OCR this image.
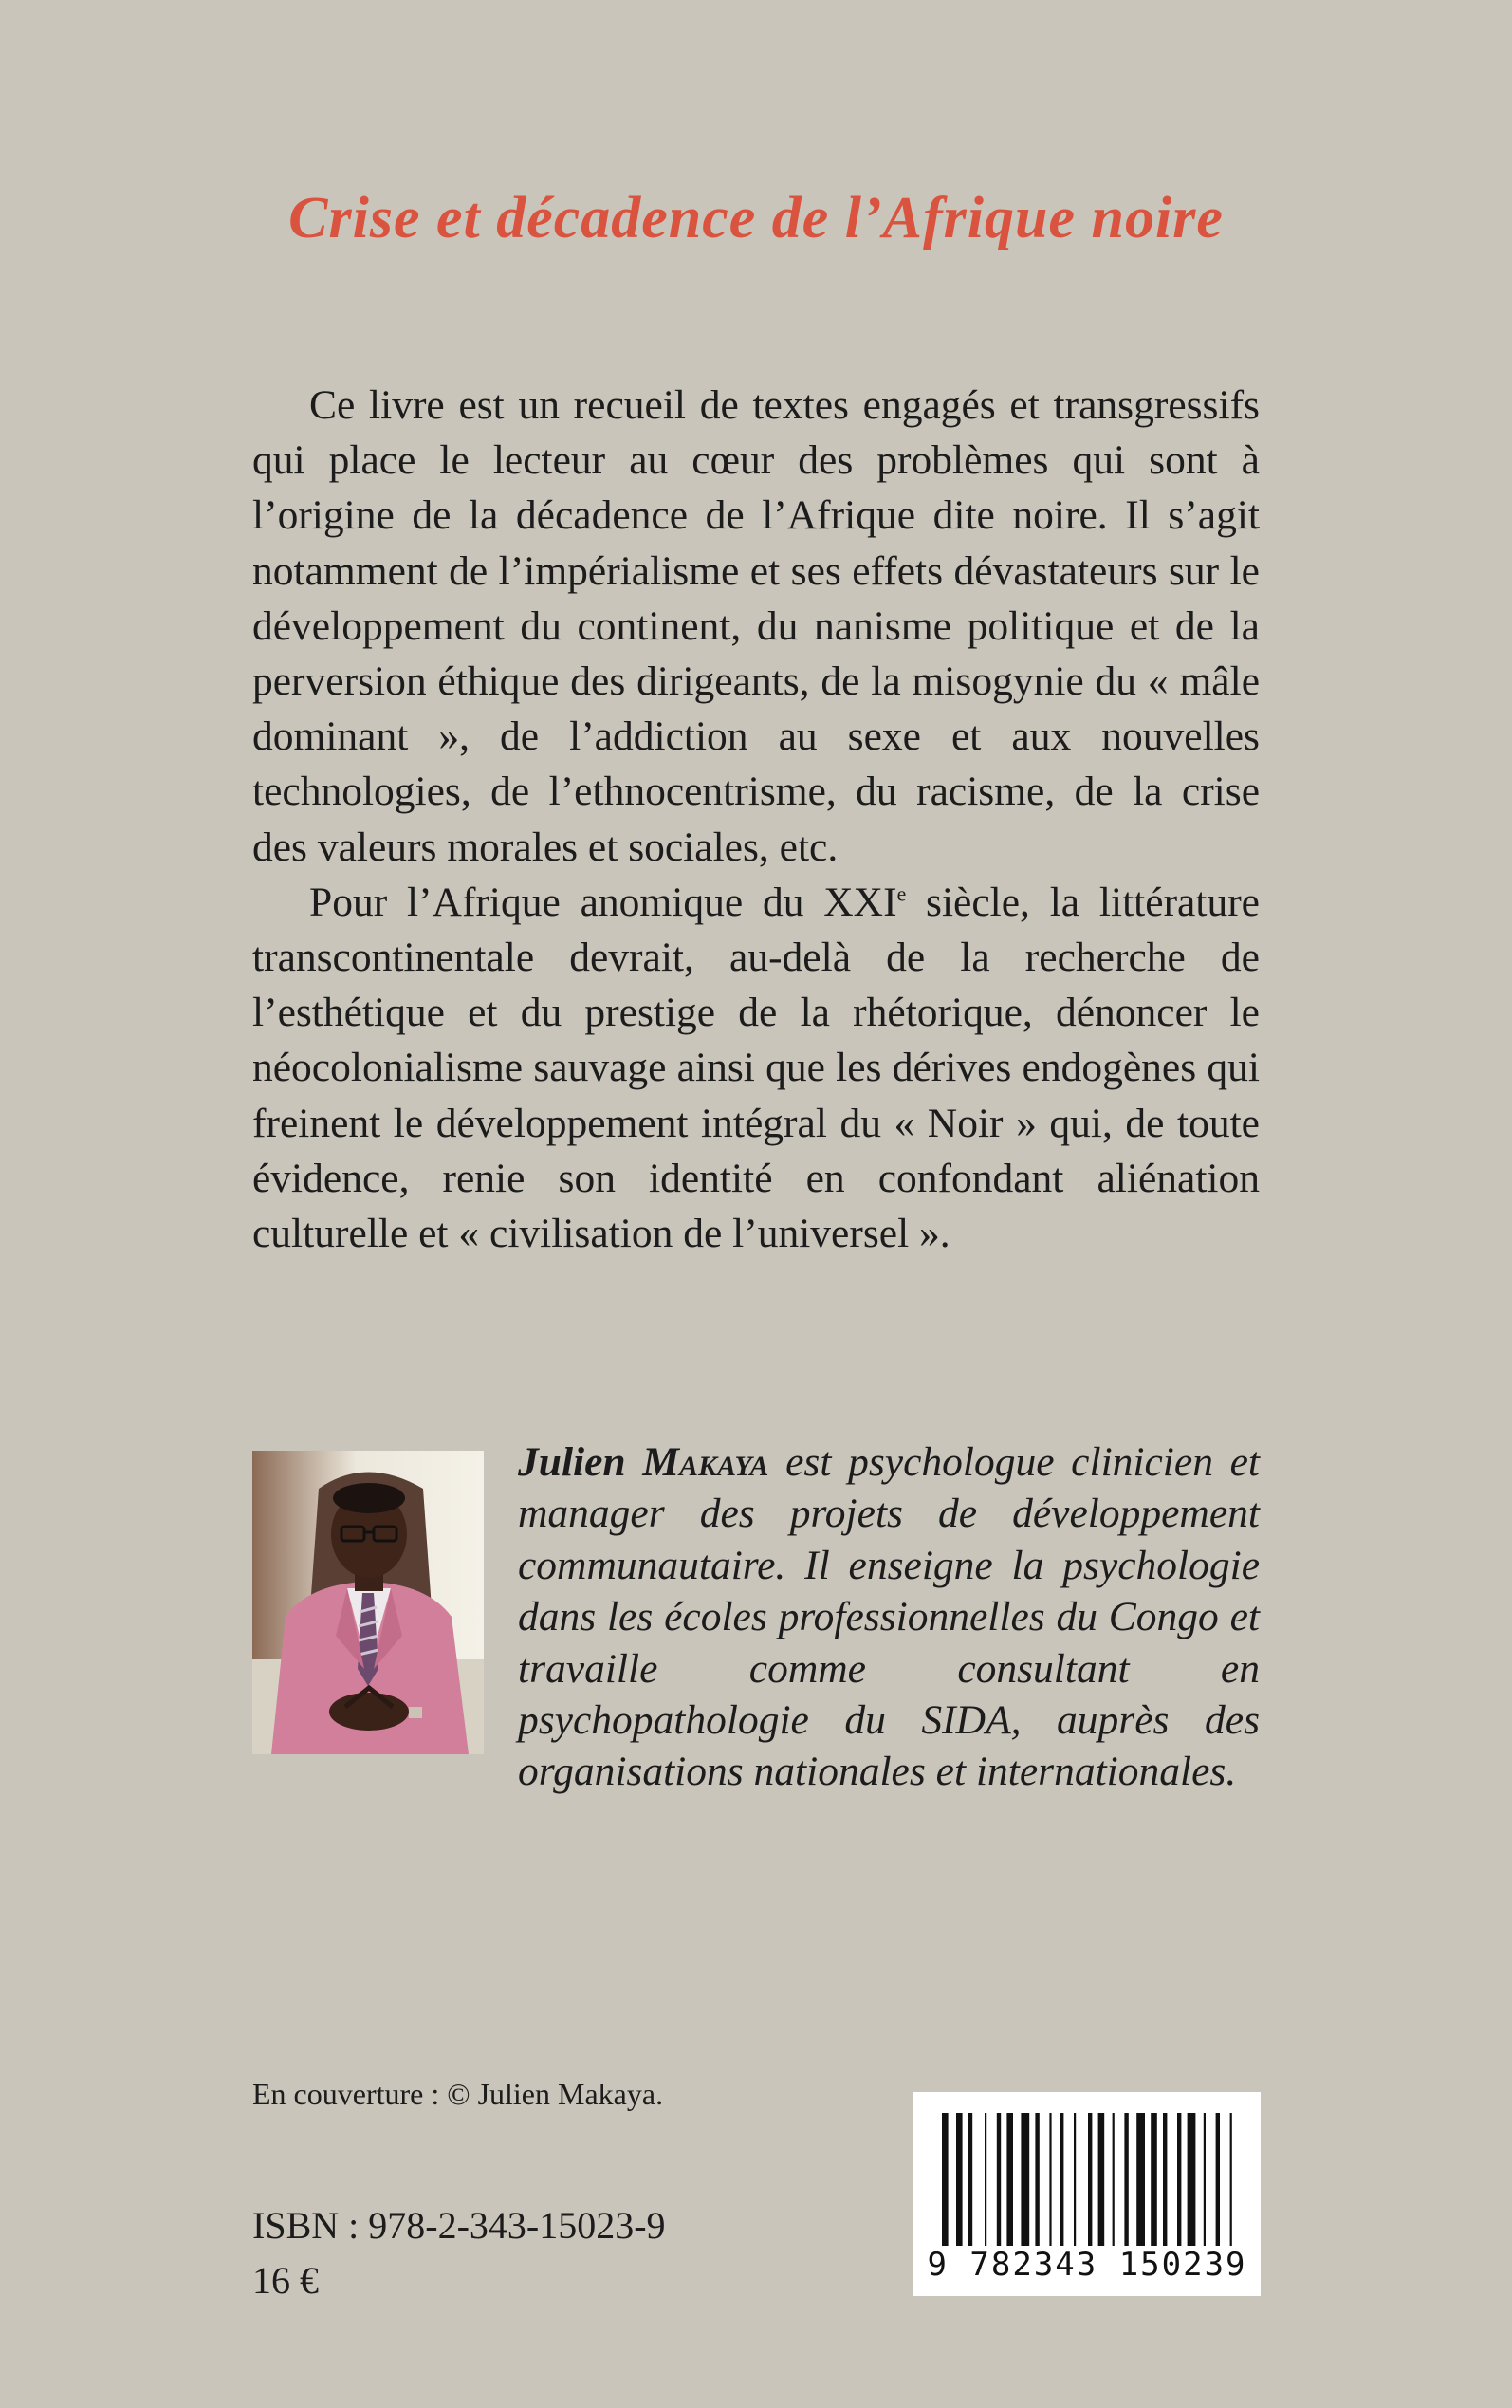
Crise et décadence de l’Afrique noire

Ce livre est un recueil de textes engagés et transgressifs qui place le lecteur au cœur des problèmes qui sont à l’origine de la décadence de l’Afrique dite noire. Il s’agit notamment de l’impérialisme et ses effets dévastateurs sur le développement du continent, du nanisme politique et de la perversion éthique des dirigeants, de la misogynie du « mâle dominant », de l’addiction au sexe et aux nouvelles technologies, de l’ethnocentrisme, du racisme, de la crise des valeurs morales et sociales, etc.

Pour l’Afrique anomique du XXIe siècle, la littérature transcontinentale devrait, au-delà de la recherche de l’esthétique et du prestige de la rhétorique, dénoncer le néocolonialisme sauvage ainsi que les dérives endogènes qui freinent le développement intégral du « Noir » qui, de toute évidence, renie son identité en confondant aliénation culturelle et « civilisation de l’universel ».

Julien Makaya est psychologue clinicien et manager des projets de développement communautaire. Il enseigne la psychologie dans les écoles professionnelles du Congo et travaille comme consultant en psychopathologie du SIDA, auprès des organisations nationales et internationales.

En couverture : © Julien Makaya.
ISBN : 978-2-343-15023-9
16 €	9 782343 150239
